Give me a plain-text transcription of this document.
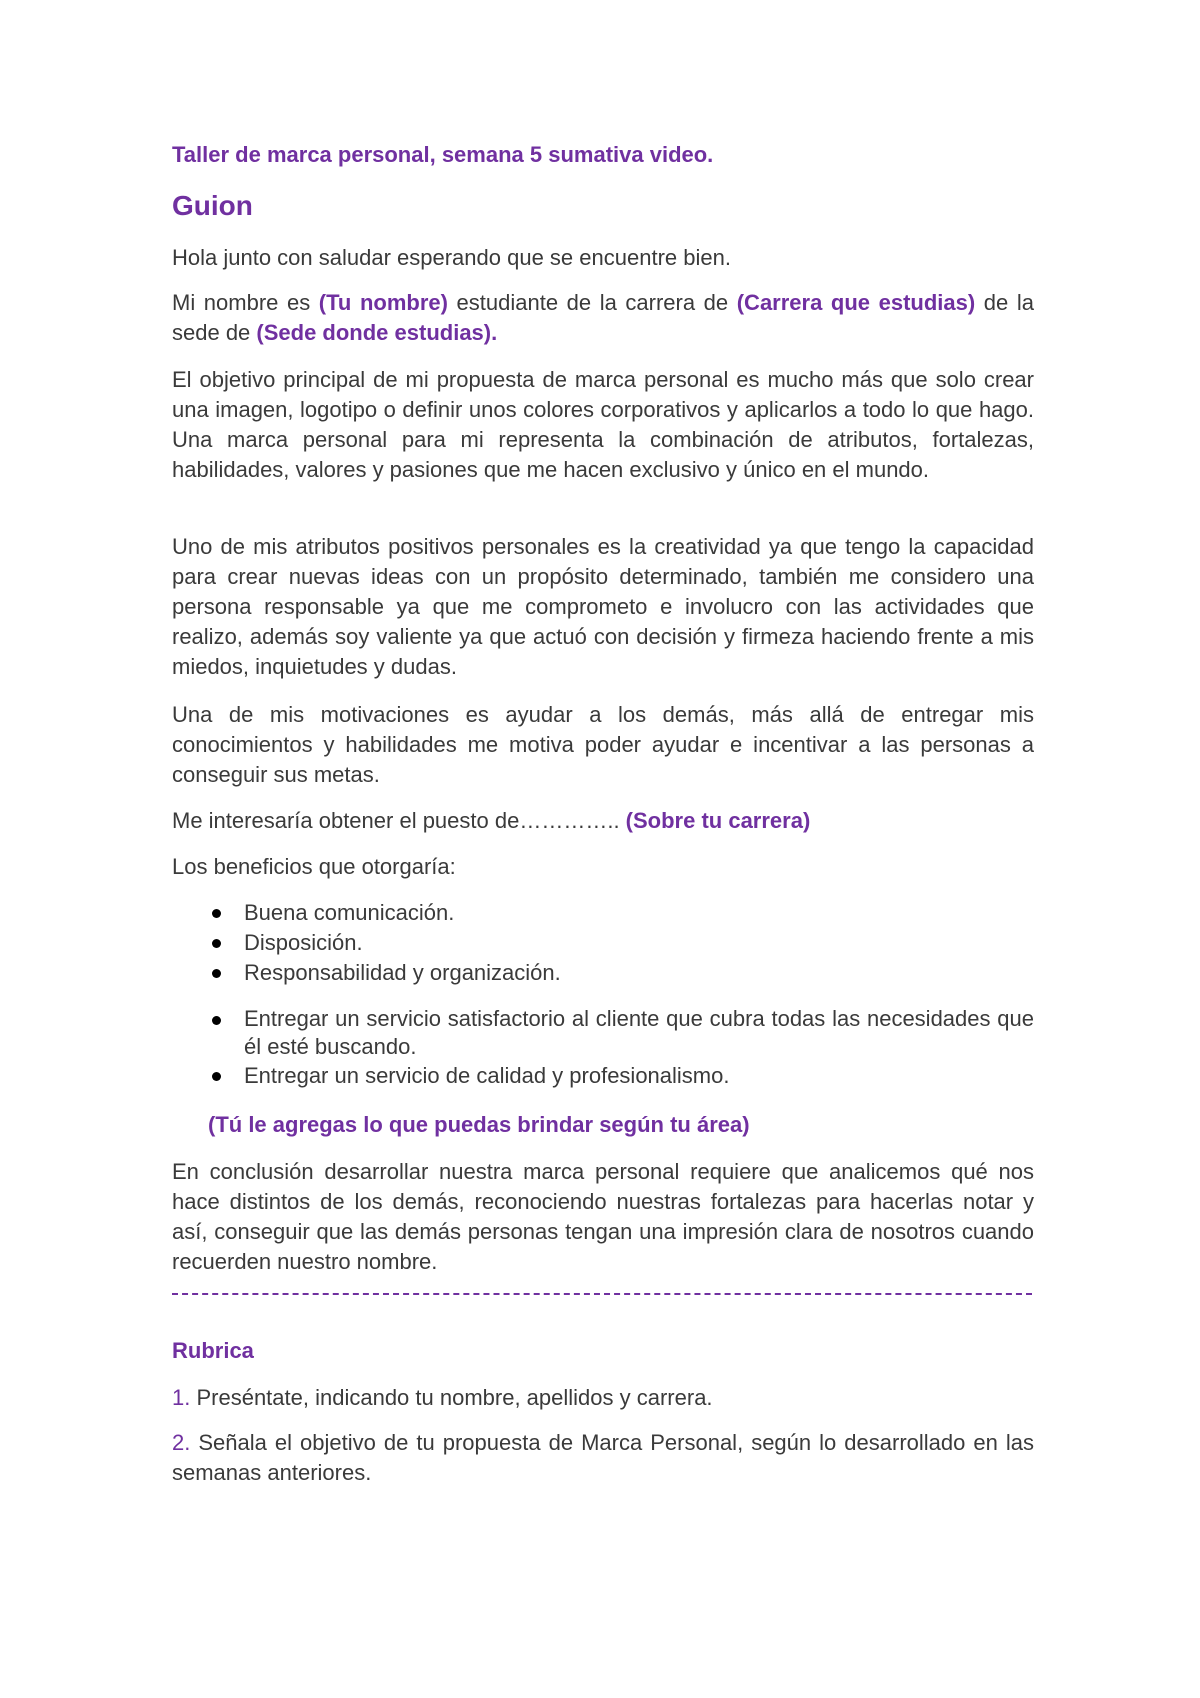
Taller de marca personal, semana 5 sumativa video.

Guion

Hola junto con saludar esperando que se encuentre bien.

Mi nombre es (Tu nombre) estudiante de la carrera de (Carrera que estudias) de la sede de (Sede donde estudias).

El objetivo principal de mi propuesta de marca personal es mucho más que solo crear una imagen, logotipo o definir unos colores corporativos y aplicarlos a todo lo que hago. Una marca personal para mi representa la combinación de atributos, fortalezas, habilidades, valores y pasiones que me hacen exclusivo y único en el mundo.

Uno de mis atributos positivos personales es la creatividad ya que tengo la capacidad para crear nuevas ideas con un propósito determinado, también me considero una persona responsable ya que me comprometo e involucro con las actividades que realizo, además soy valiente ya que actuó con decisión y firmeza haciendo frente a mis miedos, inquietudes y dudas.

Una de mis motivaciones es ayudar a los demás, más allá de entregar mis conocimientos y habilidades me motiva poder ayudar e incentivar a las personas a conseguir sus metas.

Me interesaría obtener el puesto de………….. (Sobre tu carrera)

Los beneficios que otorgaría:

Buena comunicación.
Disposición.
Responsabilidad y organización.
Entregar un servicio satisfactorio al cliente que cubra todas las necesidades que él esté buscando.
Entregar un servicio de calidad y profesionalismo.

(Tú le agregas lo que puedas brindar según tu área)

En conclusión desarrollar nuestra marca personal requiere que analicemos qué nos hace distintos de los demás, reconociendo nuestras fortalezas para hacerlas notar y así, conseguir que las demás personas tengan una impresión clara de nosotros cuando recuerden nuestro nombre.

Rubrica

1. Preséntate, indicando tu nombre, apellidos y carrera.

2. Señala el objetivo de tu propuesta de Marca Personal, según lo desarrollado en las semanas anteriores.
